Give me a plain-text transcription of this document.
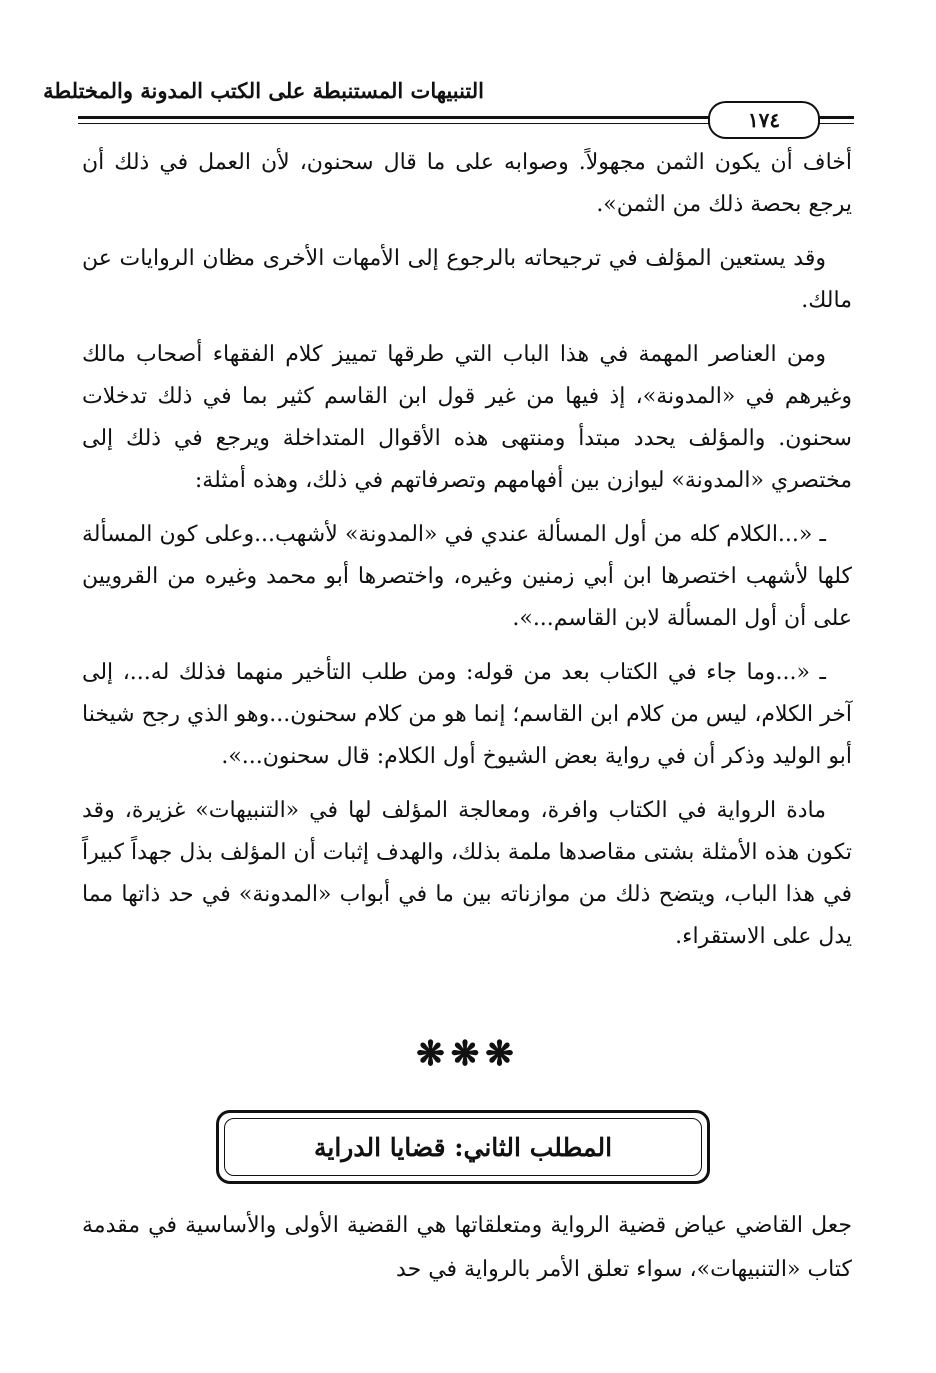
التنبيهات المستنبطة على الكتب المدونة والمختلطة
١٧٤

أخاف أن يكون الثمن مجهولاً. وصوابه على ما قال سحنون، لأن العمل في ذلك أن يرجع بحصة ذلك من الثمن».

وقد يستعين المؤلف في ترجيحاته بالرجوع إلى الأمهات الأخرى مظان الروايات عن مالك.

ومن العناصر المهمة في هذا الباب التي طرقها تمييز كلام الفقهاء أصحاب مالك وغيرهم في «المدونة»، إذ فيها من غير قول ابن القاسم كثير بما في ذلك تدخلات سحنون. والمؤلف يحدد مبتدأ ومنتهى هذه الأقوال المتداخلة ويرجع في ذلك إلى مختصري «المدونة» ليوازن بين أفهامهم وتصرفاتهم في ذلك، وهذه أمثلة:

ـ «...الكلام كله من أول المسألة عندي في «المدونة» لأشهب...وعلى كون المسألة كلها لأشهب اختصرها ابن أبي زمنين وغيره، واختصرها أبو محمد وغيره من القرويين على أن أول المسألة لابن القاسم...».

ـ «...وما جاء في الكتاب بعد من قوله: ومن طلب التأخير منهما فذلك له...، إلى آخر الكلام، ليس من كلام ابن القاسم؛ إنما هو من كلام سحنون...وهو الذي رجح شيخنا أبو الوليد وذكر أن في رواية بعض الشيوخ أول الكلام: قال سحنون...».

مادة الرواية في الكتاب وافرة، ومعالجة المؤلف لها في «التنبيهات» غزيرة، وقد تكون هذه الأمثلة بشتى مقاصدها ملمة بذلك، والهدف إثبات أن المؤلف بذل جهداً كبيراً في هذا الباب، ويتضح ذلك من موازناته بين ما في أبواب «المدونة» في حد ذاتها مما يدل على الاستقراء.

❋❋❋
المطلب الثاني: قضايا الدراية
جعل القاضي عياض قضية الرواية ومتعلقاتها هي القضية الأولى والأساسية في مقدمة كتاب «التنبيهات»، سواء تعلق الأمر بالرواية في حد
